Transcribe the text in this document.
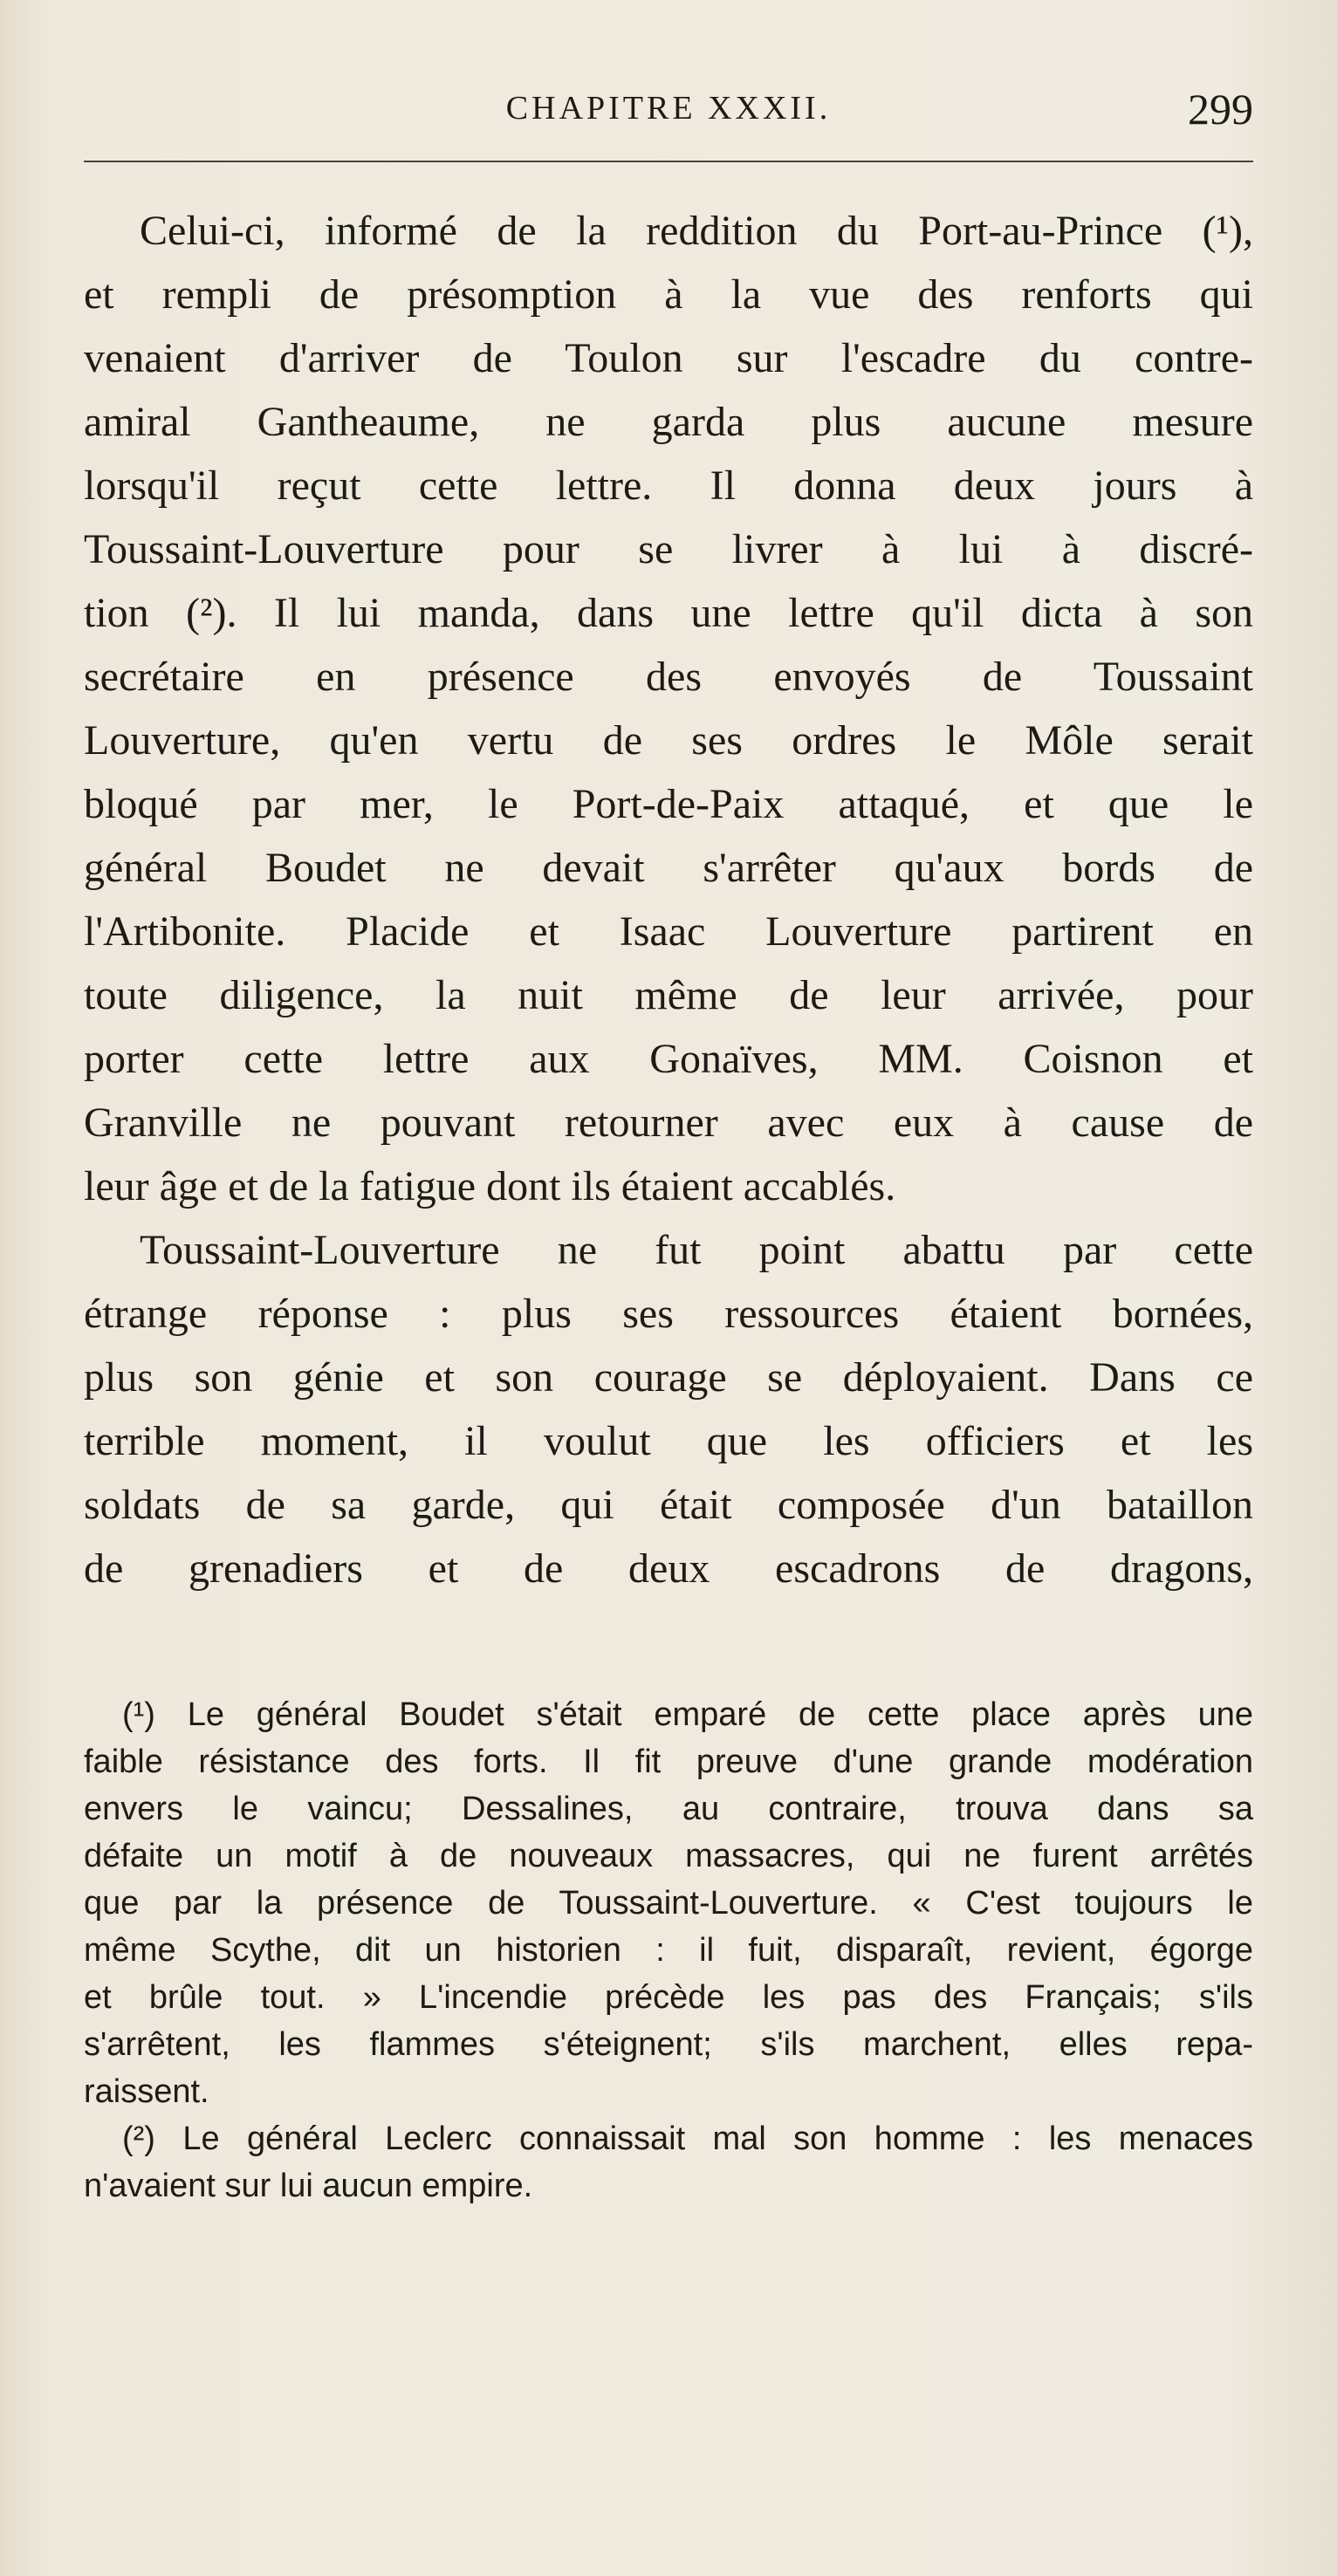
CHAPITRE XXXII.	299
Celui-ci, informé de la reddition du Port-au-Prince (¹),
et rempli de présomption à la vue des renforts qui
venaient d'arriver de Toulon sur l'escadre du contre-
amiral Gantheaume, ne garda plus aucune mesure
lorsqu'il reçut cette lettre. Il donna deux jours à
Toussaint-Louverture pour se livrer à lui à discré-
tion (²). Il lui manda, dans une lettre qu'il dicta à son
secrétaire en présence des envoyés de Toussaint
Louverture, qu'en vertu de ses ordres le Môle serait
bloqué par mer, le Port-de-Paix attaqué, et que le
général Boudet ne devait s'arrêter qu'aux bords de
l'Artibonite. Placide et Isaac Louverture partirent en
toute diligence, la nuit même de leur arrivée, pour
porter cette lettre aux Gonaïves, MM. Coisnon et
Granville ne pouvant retourner avec eux à cause de
leur âge et de la fatigue dont ils étaient accablés.
Toussaint-Louverture ne fut point abattu par cette
étrange réponse : plus ses ressources étaient bornées,
plus son génie et son courage se déployaient. Dans ce
terrible moment, il voulut que les officiers et les
soldats de sa garde, qui était composée d'un bataillon
de grenadiers et de deux escadrons de dragons,
(¹) Le général Boudet s'était emparé de cette place après une
faible résistance des forts. Il fit preuve d'une grande modération
envers le vaincu; Dessalines, au contraire, trouva dans sa
défaite un motif à de nouveaux massacres, qui ne furent arrêtés
que par la présence de Toussaint-Louverture. « C'est toujours le
même Scythe, dit un historien : il fuit, disparaît, revient, égorge
et brûle tout. » L'incendie précède les pas des Français; s'ils
s'arrêtent, les flammes s'éteignent; s'ils marchent, elles repa-
raissent.
(²) Le général Leclerc connaissait mal son homme : les menaces
n'avaient sur lui aucun empire.
